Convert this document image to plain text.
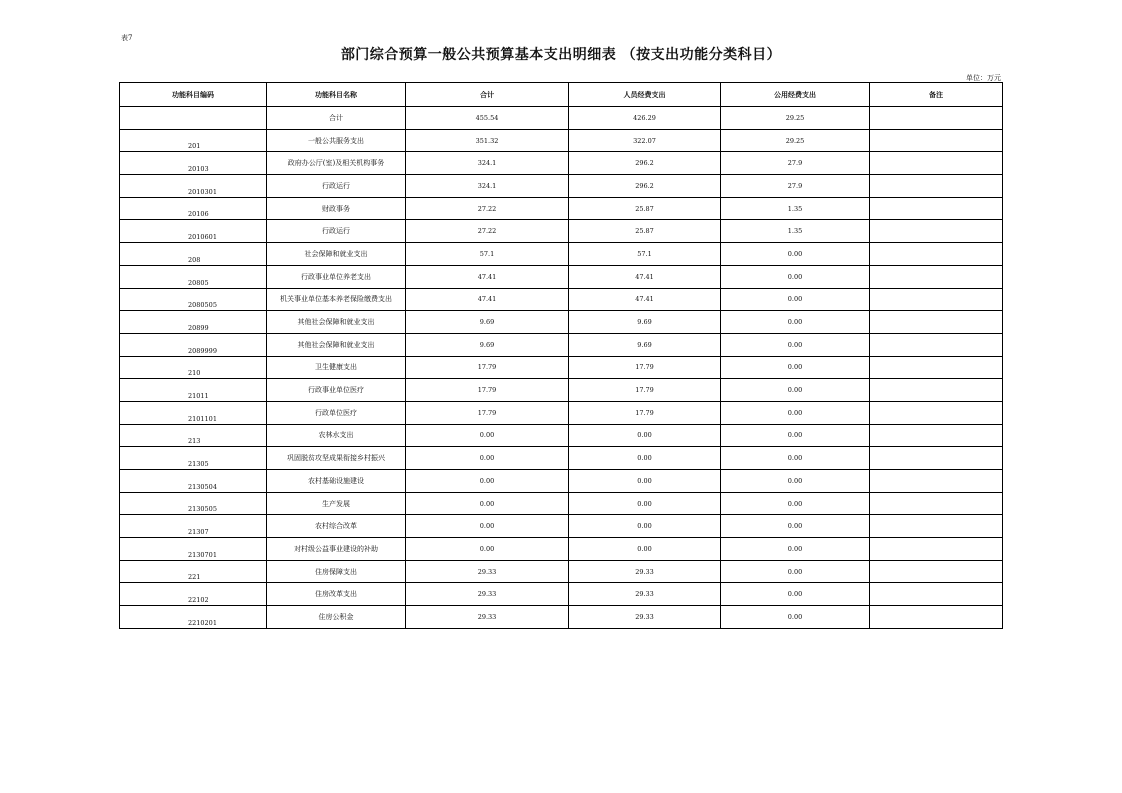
表7
部门综合预算一般公共预算基本支出明细表 （按支出功能分类科目）
单位：万元
功能科目编码	功能科目名称	合计	人员经费支出	公用经费支出	备注
	合计	455.54	426.29	29.25	
201	一般公共服务支出	351.32	322.07	29.25	
20103	政府办公厅(室)及相关机构事务	324.1	296.2	27.9	
2010301	行政运行	324.1	296.2	27.9	
20106	财政事务	27.22	25.87	1.35	
2010601	行政运行	27.22	25.87	1.35	
208	社会保障和就业支出	57.1	57.1	0.00	
20805	行政事业单位养老支出	47.41	47.41	0.00	
2080505	机关事业单位基本养老保险缴费支出	47.41	47.41	0.00	
20899	其他社会保障和就业支出	9.69	9.69	0.00	
2089999	其他社会保障和就业支出	9.69	9.69	0.00	
210	卫生健康支出	17.79	17.79	0.00	
21011	行政事业单位医疗	17.79	17.79	0.00	
2101101	行政单位医疗	17.79	17.79	0.00	
213	农林水支出	0.00	0.00	0.00	
21305	巩固脱贫攻坚成果衔接乡村振兴	0.00	0.00	0.00	
2130504	农村基础设施建设	0.00	0.00	0.00	
2130505	生产发展	0.00	0.00	0.00	
21307	农村综合改革	0.00	0.00	0.00	
2130701	对村级公益事业建设的补助	0.00	0.00	0.00	
221	住房保障支出	29.33	29.33	0.00	
22102	住房改革支出	29.33	29.33	0.00	
2210201	住房公积金	29.33	29.33	0.00	
